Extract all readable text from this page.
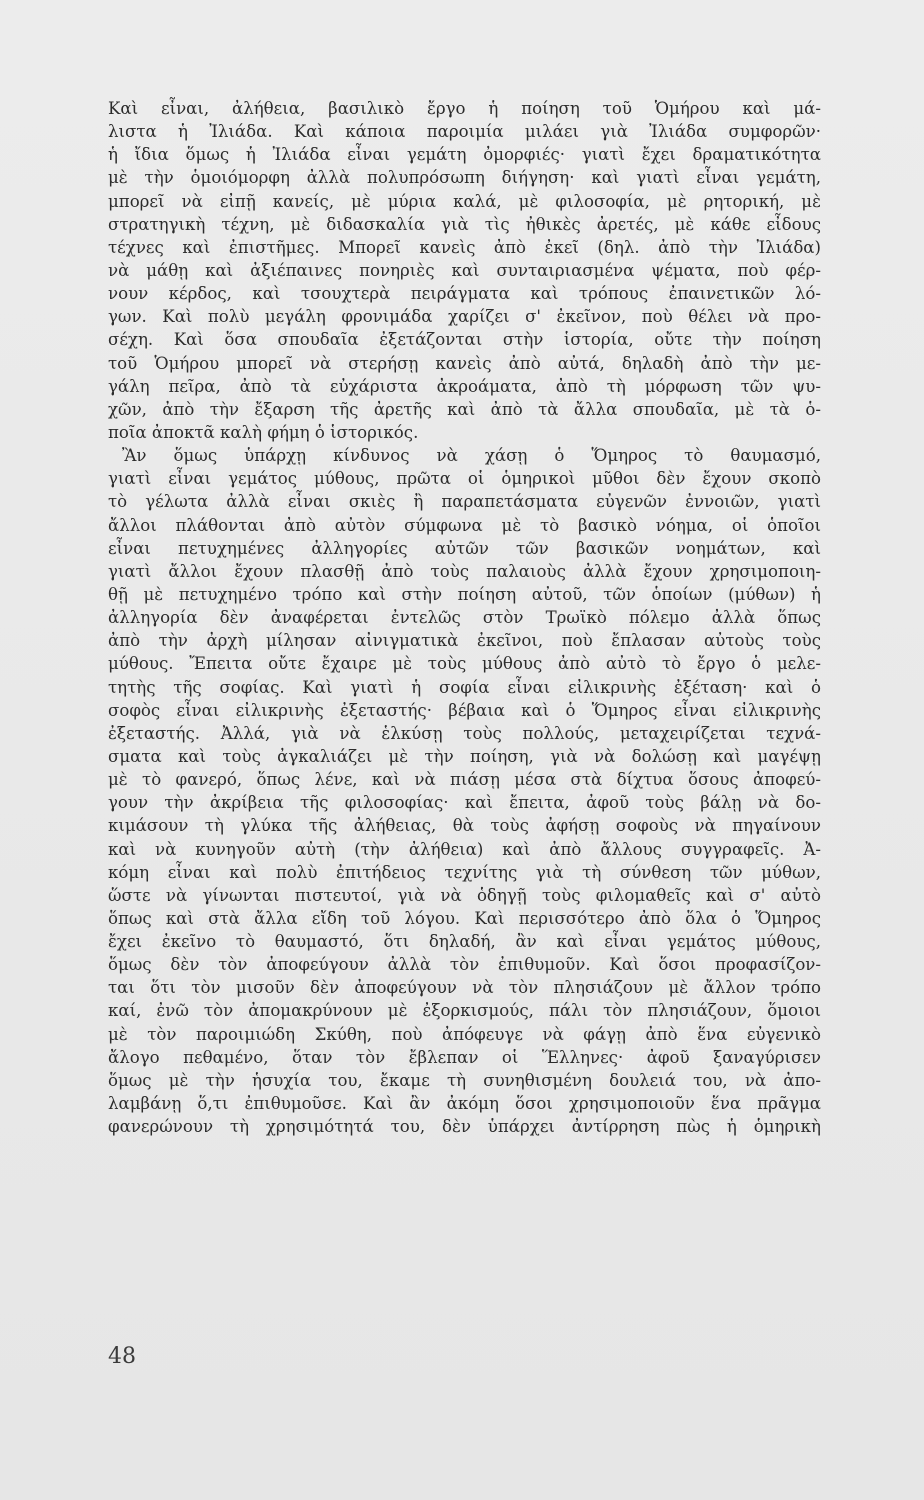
Καὶ εἶναι, ἀλήθεια, βασιλικὸ ἔργο ἡ ποίηση τοῦ Ὁμήρου καὶ μά-
λιστα ἡ Ἰλιάδα. Καὶ κάποια παροιμία μιλάει γιὰ Ἰλιάδα συμφορῶν·
ἡ ἴδια ὅμως ἡ Ἰλιάδα εἶναι γεμάτη ὀμορφιές· γιατὶ ἔχει δραματικότητα
μὲ τὴν ὁμοιόμορφη ἀλλὰ πολυπρόσωπη διήγηση· καὶ γιατὶ εἶναι γεμάτη,
μπορεῖ νὰ εἰπῇ κανείς, μὲ μύρια καλά, μὲ φιλοσοφία, μὲ ρητορική, μὲ
στρατηγικὴ τέχνη, μὲ διδασκαλία γιὰ τὶς ἠθικὲς ἀρετές, μὲ κάθε εἶδους
τέχνες καὶ ἐπιστῆμες. Μπορεῖ κανεὶς ἀπὸ ἐκεῖ (δηλ. ἀπὸ τὴν Ἰλιάδα)
νὰ μάθῃ καὶ ἀξιέπαινες πονηριὲς καὶ συνταιριασμένα ψέματα, ποὺ φέρ-
νουν κέρδος, καὶ τσουχτερὰ πειράγματα καὶ τρόπους ἐπαινετικῶν λό-
γων. Καὶ πολὺ μεγάλη φρονιμάδα χαρίζει σ' ἐκεῖνον, ποὺ θέλει νὰ προ-
σέχη. Καὶ ὅσα σπουδαῖα ἐξετάζονται στὴν ἱστορία, οὔτε τὴν ποίηση
τοῦ Ὁμήρου μπορεῖ νὰ στερήσῃ κανεὶς ἀπὸ αὐτά, δηλαδὴ ἀπὸ τὴν με-
γάλη πεῖρα, ἀπὸ τὰ εὐχάριστα ἀκροάματα, ἀπὸ τὴ μόρφωση τῶν ψυ-
χῶν, ἀπὸ τὴν ἔξαρση τῆς ἀρετῆς καὶ ἀπὸ τὰ ἄλλα σπουδαῖα, μὲ τὰ ὁ-
ποῖα ἀποκτᾶ καλὴ φήμη ὁ ἱστορικός.
Ἂν ὅμως ὑπάρχῃ κίνδυνος νὰ χάσῃ ὁ Ὅμηρος τὸ θαυμασμό,
γιατὶ εἶναι γεμάτος μύθους, πρῶτα οἱ ὁμηρικοὶ μῦθοι δὲν ἔχουν σκοπὸ
τὸ γέλωτα ἀλλὰ εἶναι σκιὲς ἢ παραπετάσματα εὐγενῶν ἐννοιῶν, γιατὶ
ἄλλοι πλάθονται ἀπὸ αὐτὸν σύμφωνα μὲ τὸ βασικὸ νόημα, οἱ ὁποῖοι
εἶναι πετυχημένες ἀλληγορίες αὐτῶν τῶν βασικῶν νοημάτων, καὶ
γιατὶ ἄλλοι ἔχουν πλασθῇ ἀπὸ τοὺς παλαιοὺς ἀλλὰ ἔχουν χρησιμοποιη-
θῇ μὲ πετυχημένο τρόπο καὶ στὴν ποίηση αὐτοῦ, τῶν ὁποίων (μύθων) ἡ
ἀλληγορία δὲν ἀναφέρεται ἐντελῶς στὸν Τρωϊκὸ πόλεμο ἀλλὰ ὅπως
ἀπὸ τὴν ἀρχὴ μίλησαν αἰνιγματικὰ ἐκεῖνοι, ποὺ ἔπλασαν αὐτοὺς τοὺς
μύθους. Ἔπειτα οὔτε ἔχαιρε μὲ τοὺς μύθους ἀπὸ αὐτὸ τὸ ἔργο ὁ μελε-
τητὴς τῆς σοφίας. Καὶ γιατὶ ἡ σοφία εἶναι εἰλικρινὴς ἐξέταση· καὶ ὁ
σοφὸς εἶναι εἰλικρινὴς ἐξεταστής· βέβαια καὶ ὁ Ὅμηρος εἶναι εἰλικρινὴς
ἐξεταστής. Ἀλλά, γιὰ νὰ ἑλκύσῃ τοὺς πολλούς, μεταχειρίζεται τεχνά-
σματα καὶ τοὺς ἀγκαλιάζει μὲ τὴν ποίηση, γιὰ νὰ δολώσῃ καὶ μαγέψῃ
μὲ τὸ φανερό, ὅπως λένε, καὶ νὰ πιάσῃ μέσα στὰ δίχτυα ὅσους ἀποφεύ-
γουν τὴν ἀκρίβεια τῆς φιλοσοφίας· καὶ ἔπειτα, ἀφοῦ τοὺς βάλῃ νὰ δο-
κιμάσουν τὴ γλύκα τῆς ἀλήθειας, θὰ τοὺς ἀφήσῃ σοφοὺς νὰ πηγαίνουν
καὶ νὰ κυνηγοῦν αὐτὴ (τὴν ἀλήθεια) καὶ ἀπὸ ἄλλους συγγραφεῖς. Ἀ-
κόμη εἶναι καὶ πολὺ ἐπιτήδειος τεχνίτης γιὰ τὴ σύνθεση τῶν μύθων,
ὥστε νὰ γίνωνται πιστευτοί, γιὰ νὰ ὁδηγῇ τοὺς φιλομαθεῖς καὶ σ' αὐτὸ
ὅπως καὶ στὰ ἄλλα εἴδη τοῦ λόγου. Καὶ περισσότερο ἀπὸ ὅλα ὁ Ὅμηρος
ἔχει ἐκεῖνο τὸ θαυμαστό, ὅτι δηλαδή, ἂν καὶ εἶναι γεμάτος μύθους,
ὅμως δὲν τὸν ἀποφεύγουν ἀλλὰ τὸν ἐπιθυμοῦν. Καὶ ὅσοι προφασίζον-
ται ὅτι τὸν μισοῦν δὲν ἀποφεύγουν νὰ τὸν πλησιάζουν μὲ ἄλλον τρόπο
καί, ἐνῶ τὸν ἀπομακρύνουν μὲ ἐξορκισμούς, πάλι τὸν πλησιάζουν, ὅμοιοι
μὲ τὸν παροιμιώδη Σκύθη, ποὺ ἀπόφευγε νὰ φάγῃ ἀπὸ ἕνα εὐγενικὸ
ἄλογο πεθαμένο, ὅταν τὸν ἔβλεπαν οἱ Ἕλληνες· ἀφοῦ ξαναγύρισεν
ὅμως μὲ τὴν ἡσυχία του, ἔκαμε τὴ συνηθισμένη δουλειά του, νὰ ἀπο-
λαμβάνῃ ὅ,τι ἐπιθυμοῦσε. Καὶ ἂν ἀκόμη ὅσοι χρησιμοποιοῦν ἕνα πρᾶγμα
φανερώνουν τὴ χρησιμότητά του, δὲν ὑπάρχει ἀντίρρηση πὼς ἡ ὁμηρικὴ
48
